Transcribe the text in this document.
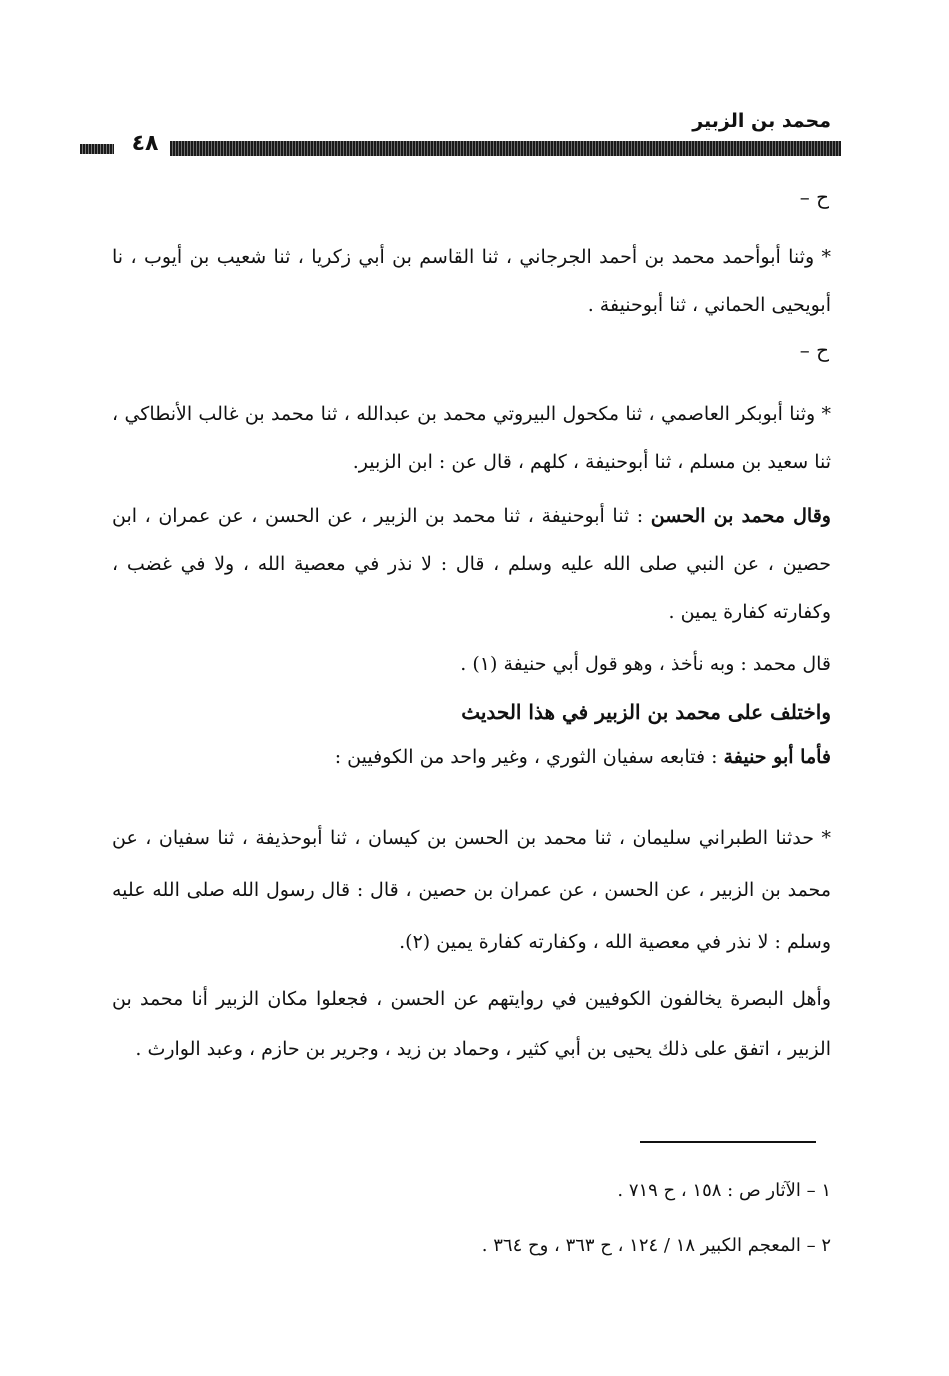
محمد بن الزبير
٤٨
ح –
* وثنا أبوأحمد محمد بن أحمد الجرجاني ، ثنا القاسم بن أبي زكريا ، ثنا شعيب بن أيوب ، نا أبويحيى الحماني ، ثنا أبوحنيفة .
ح –
* وثنا أبوبكر العاصمي ، ثنا مكحول البيروتي محمد بن عبدالله ، ثنا محمد بن غالب الأنطاكي ، ثنا سعيد بن مسلم ، ثنا أبوحنيفة ، كلهم ، قال عن : ابن الزبير.
وقال محمد بن الحسن : ثنا أبوحنيفة ، ثنا محمد بن الزبير ، عن الحسن ، عن عمران ، ابن حصين ، عن النبي صلى الله عليه وسلم ، قال : لا نذر في معصية الله ، ولا في غضب ، وكفارته كفارة يمين .
قال محمد : وبه نأخذ ، وهو قول أبي حنيفة (١) .
واختلف على محمد بن الزبير في هذا الحديث
فأما أبو حنيفة : فتابعه سفيان الثوري ، وغير واحد من الكوفيين :
* حدثنا الطبراني سليمان ، ثنا محمد بن الحسن بن كيسان ، ثنا أبوحذيفة ، ثنا سفيان ، عن محمد بن الزبير ، عن الحسن ، عن عمران بن حصين ، قال : قال رسول الله صلى الله عليه وسلم : لا نذر في معصية الله ، وكفارته كفارة يمين (٢).
وأهل البصرة يخالفون الكوفيين في روايتهم عن الحسن ، فجعلوا مكان الزبير أنا محمد بن الزبير ، اتفق على ذلك يحيى بن أبي كثير ، وحماد بن زيد ، وجرير بن حازم ، وعبد الوارث .
١ – الآثار ص : ١٥٨ ، ح ٧١٩ .
٢ – المعجم الكبير ١٨ / ١٢٤ ، ح ٣٦٣ ، وح ٣٦٤ .
